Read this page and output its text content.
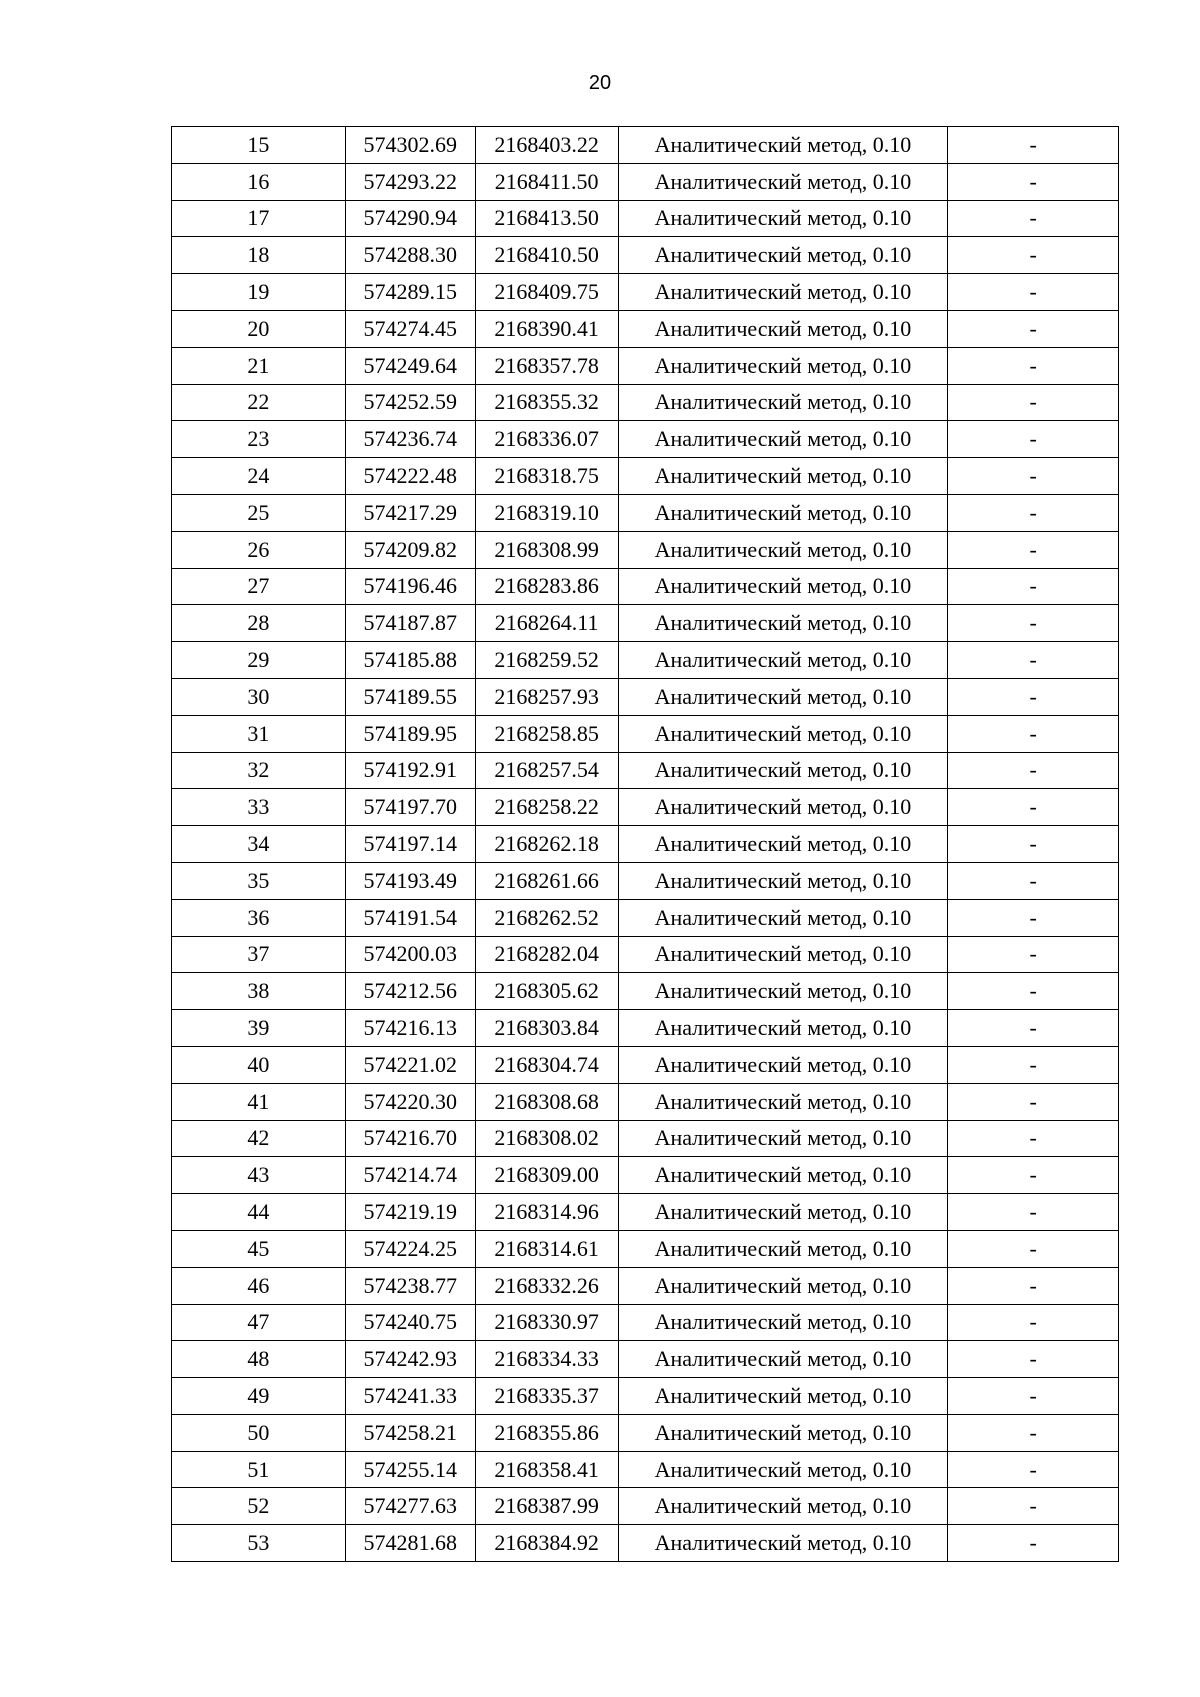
20
15	574302.69	2168403.22	Аналитический метод, 0.10	-
16	574293.22	2168411.50	Аналитический метод, 0.10	-
17	574290.94	2168413.50	Аналитический метод, 0.10	-
18	574288.30	2168410.50	Аналитический метод, 0.10	-
19	574289.15	2168409.75	Аналитический метод, 0.10	-
20	574274.45	2168390.41	Аналитический метод, 0.10	-
21	574249.64	2168357.78	Аналитический метод, 0.10	-
22	574252.59	2168355.32	Аналитический метод, 0.10	-
23	574236.74	2168336.07	Аналитический метод, 0.10	-
24	574222.48	2168318.75	Аналитический метод, 0.10	-
25	574217.29	2168319.10	Аналитический метод, 0.10	-
26	574209.82	2168308.99	Аналитический метод, 0.10	-
27	574196.46	2168283.86	Аналитический метод, 0.10	-
28	574187.87	2168264.11	Аналитический метод, 0.10	-
29	574185.88	2168259.52	Аналитический метод, 0.10	-
30	574189.55	2168257.93	Аналитический метод, 0.10	-
31	574189.95	2168258.85	Аналитический метод, 0.10	-
32	574192.91	2168257.54	Аналитический метод, 0.10	-
33	574197.70	2168258.22	Аналитический метод, 0.10	-
34	574197.14	2168262.18	Аналитический метод, 0.10	-
35	574193.49	2168261.66	Аналитический метод, 0.10	-
36	574191.54	2168262.52	Аналитический метод, 0.10	-
37	574200.03	2168282.04	Аналитический метод, 0.10	-
38	574212.56	2168305.62	Аналитический метод, 0.10	-
39	574216.13	2168303.84	Аналитический метод, 0.10	-
40	574221.02	2168304.74	Аналитический метод, 0.10	-
41	574220.30	2168308.68	Аналитический метод, 0.10	-
42	574216.70	2168308.02	Аналитический метод, 0.10	-
43	574214.74	2168309.00	Аналитический метод, 0.10	-
44	574219.19	2168314.96	Аналитический метод, 0.10	-
45	574224.25	2168314.61	Аналитический метод, 0.10	-
46	574238.77	2168332.26	Аналитический метод, 0.10	-
47	574240.75	2168330.97	Аналитический метод, 0.10	-
48	574242.93	2168334.33	Аналитический метод, 0.10	-
49	574241.33	2168335.37	Аналитический метод, 0.10	-
50	574258.21	2168355.86	Аналитический метод, 0.10	-
51	574255.14	2168358.41	Аналитический метод, 0.10	-
52	574277.63	2168387.99	Аналитический метод, 0.10	-
53	574281.68	2168384.92	Аналитический метод, 0.10	-
